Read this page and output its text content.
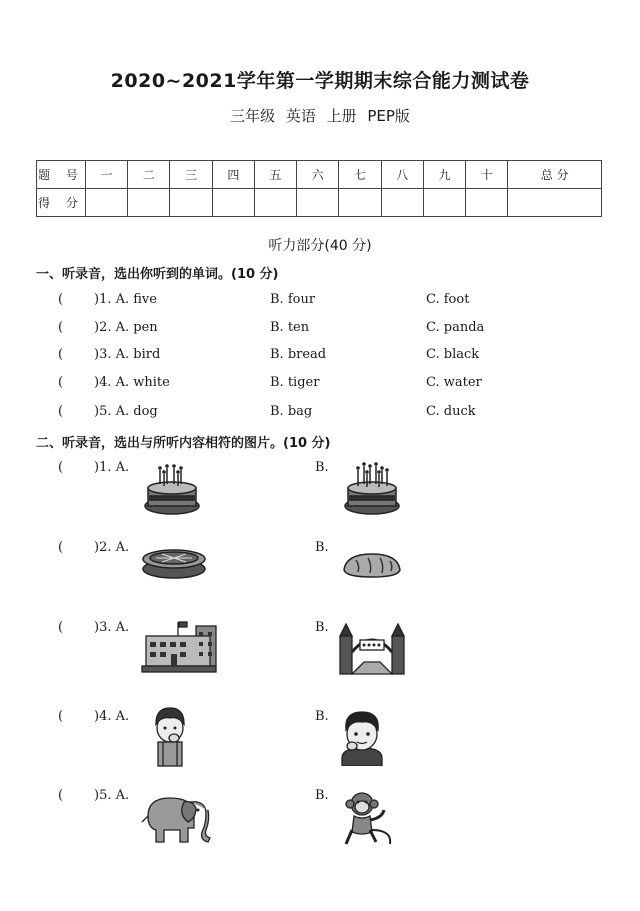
2020~2021学年第一学期期末综合能力测试卷
三年级 英语 上册 PEP版
题 号	一	二	三	四	五	六	七	八	九	十	总 分
得 分											
听力部分(40 分)
一、听录音，选出你听到的单词。(10 分)
( )1. A. five	B. four	C. foot
( )2. A. pen	B. ten	C. panda
( )3. A. bird	B. bread	C. black
( )4. A. white	B. tiger	C. water
( )5. A. dog	B. bag	C. duck
二、听录音，选出与所听内容相符的图片。(10 分)
( )1. A.	B.
( )2. A.	B.
( )3. A.	B.
( )4. A.	B.
( )5. A.	B.
